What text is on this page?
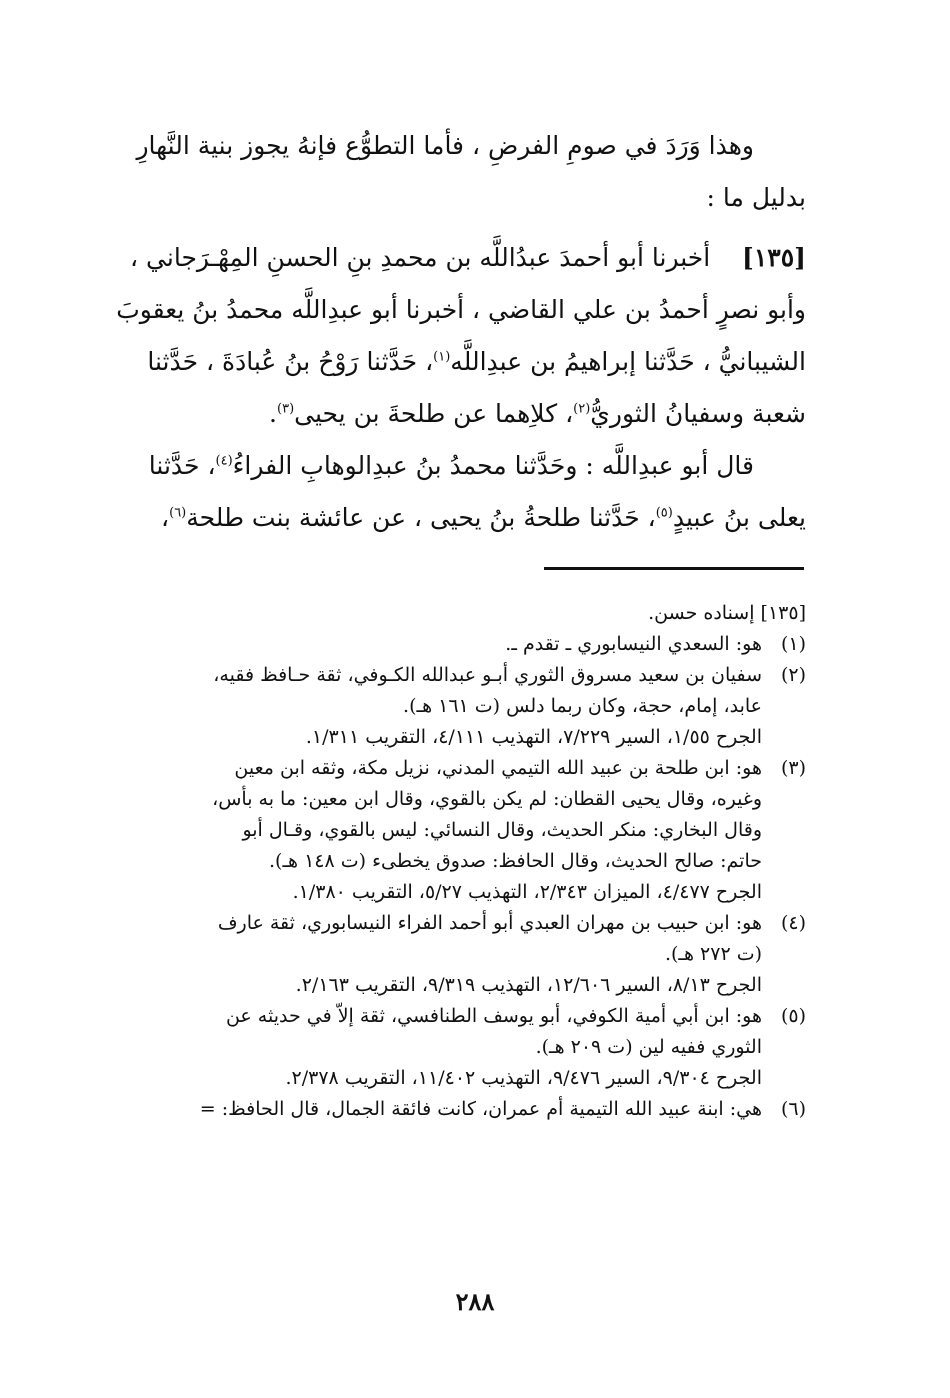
وهذا وَرَدَ في صومِ الفرضِ ، فأما التطوُّع فإنهُ يجوز بنية النَّهارِ
بدليل ما :
[١٣٥]    أخبرنا أبو أحمدَ عبدُاللَّه بن محمدِ بنِ الحسنِ المِهْـرَجاني ،
وأبو نصرٍ أحمدُ بن علي القاضي ، أخبرنا أبو عبدِاللَّه محمدُ بنُ يعقوبَ
الشيبانيُّ ، حَدَّثنا إبراهيمُ بن عبدِاللَّه$^{(١)}$، حَدَّثنا رَوْحُ بنُ عُبادَةَ ، حَدَّثنا
شعبة وسفيانُ الثوريُّ$^{(٢)}$، كلاِهما عن طلحةَ بن يحيى$^{(٣)}$.
قال أبو عبدِاللَّه : وحَدَّثنا محمدُ بنُ عبدِالوهابِ الفراءُ$^{(٤)}$، حَدَّثنا
يعلى بنُ عبيدٍ$^{(٥)}$، حَدَّثنا طلحةُ بنُ يحيى ، عن عائشة بنت طلحة$^{(٦)}$،
[١٣٥] إسناده حسن.
(١)
هو: السعدي النيسابوري ـ تقدم ـ.
(٢)
سفيان بن سعيد مسروق الثوري أبـو عبدالله الكـوفي، ثقة حـافظ فقيه،
عابد، إمام، حجة، وكان ربما دلس (ت ١٦١ هـ).
الجرح ١/٥٥، السير ٧/٢٢٩، التهذيب ٤/١١١، التقريب ١/٣١١.
(٣)
هو: ابن طلحة بن عبيد الله التيمي المدني، نزيل مكة، وثقه ابن معين
وغيره، وقال يحيى القطان: لم يكن بالقوي، وقال ابن معين: ما به بأس،
وقال البخاري: منكر الحديث، وقال النسائي: ليس بالقوي، وقـال أبو
حاتم: صالح الحديث، وقال الحافظ: صدوق يخطىء (ت ١٤٨ هـ).
الجرح ٤/٤٧٧، الميزان ٢/٣٤٣، التهذيب ٥/٢٧، التقريب ١/٣٨٠.
(٤)
هو: ابن حبيب بن مهران العبدي أبو أحمد الفراء النيسابوري، ثقة عارف
(ت ٢٧٢ هـ).
الجرح ٨/١٣، السير ١٢/٦٠٦، التهذيب ٩/٣١٩، التقريب ٢/١٦٣.
(٥)
هو: ابن أبي أمية الكوفي، أبو يوسف الطنافسي، ثقة إلاّ في حديثه عن
الثوري ففيه لين (ت ٢٠٩ هـ).
الجرح ٩/٣٠٤، السير ٩/٤٧٦، التهذيب ١١/٤٠٢، التقريب ٢/٣٧٨.
(٦)
هي: ابنة عبيد الله التيمية أم عمران، كانت فائقة الجمال، قال الحافظ: =
٢٨٨
